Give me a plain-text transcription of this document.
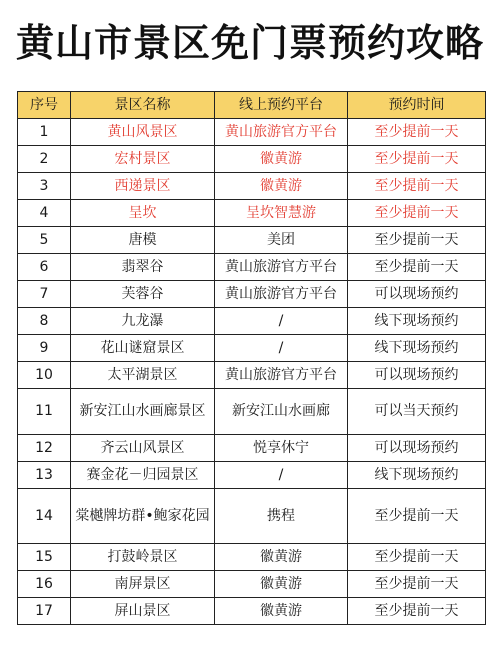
黄山市景区免门票预约攻略
序号	景区名称	线上预约平台	预约时间
1	黄山风景区	黄山旅游官方平台	至少提前一天
2	宏村景区	徽黄游	至少提前一天
3	西递景区	徽黄游	至少提前一天
4	呈坎	呈坎智慧游	至少提前一天
5	唐模	美团	至少提前一天
6	翡翠谷	黄山旅游官方平台	至少提前一天
7	芙蓉谷	黄山旅游官方平台	可以现场预约
8	九龙瀑	/	线下现场预约
9	花山谜窟景区	/	线下现场预约
10	太平湖景区	黄山旅游官方平台	可以现场预约
11	新安江山水画廊景区	新安江山水画廊	可以当天预约
12	齐云山风景区	悦享休宁	可以现场预约
13	赛金花－归园景区	/	线下现场预约
14	棠樾牌坊群•鲍家花园	携程	至少提前一天
15	打鼓岭景区	徽黄游	至少提前一天
16	南屏景区	徽黄游	至少提前一天
17	屏山景区	徽黄游	至少提前一天
